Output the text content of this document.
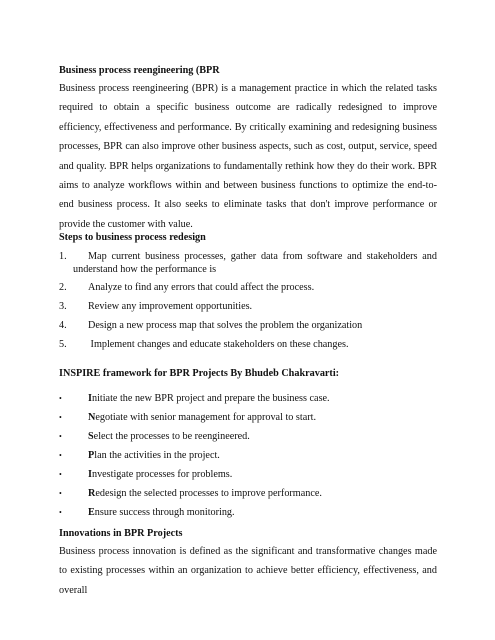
Business process reengineering (BPR
Business process reengineering (BPR) is a management practice in which the related tasks required to obtain a specific business outcome are radically redesigned to improve efficiency, effectiveness and performance. By critically examining and redesigning business processes, BPR can also improve other business aspects, such as cost, output, service, speed and quality. BPR helps organizations to fundamentally rethink how they do their work. BPR aims to analyze workflows within and between business functions to optimize the end-to-end business process. It also seeks to eliminate tasks that don't improve performance or provide the customer with value.
Steps to business process redesign
1.	Map current business processes, gather data from software and stakeholders and understand how the performance is
2.	Analyze to find any errors that could affect the process.
3.	Review any improvement opportunities.
4.	Design a new process map that solves the problem the organization
5.	Implement changes and educate stakeholders on these changes.
INSPIRE framework for BPR Projects By Bhudeb Chakravarti:
•	Initiate the new BPR project and prepare the business case.
•	Negotiate with senior management for approval to start.
•	Select the processes to be reengineered.
•	Plan the activities in the project.
•	Investigate processes for problems.
•	Redesign the selected processes to improve performance.
•	Ensure success through monitoring.
Innovations in BPR Projects
Business process innovation is defined as the significant and transformative changes made to existing processes within an organization to achieve better efficiency, effectiveness, and overall
